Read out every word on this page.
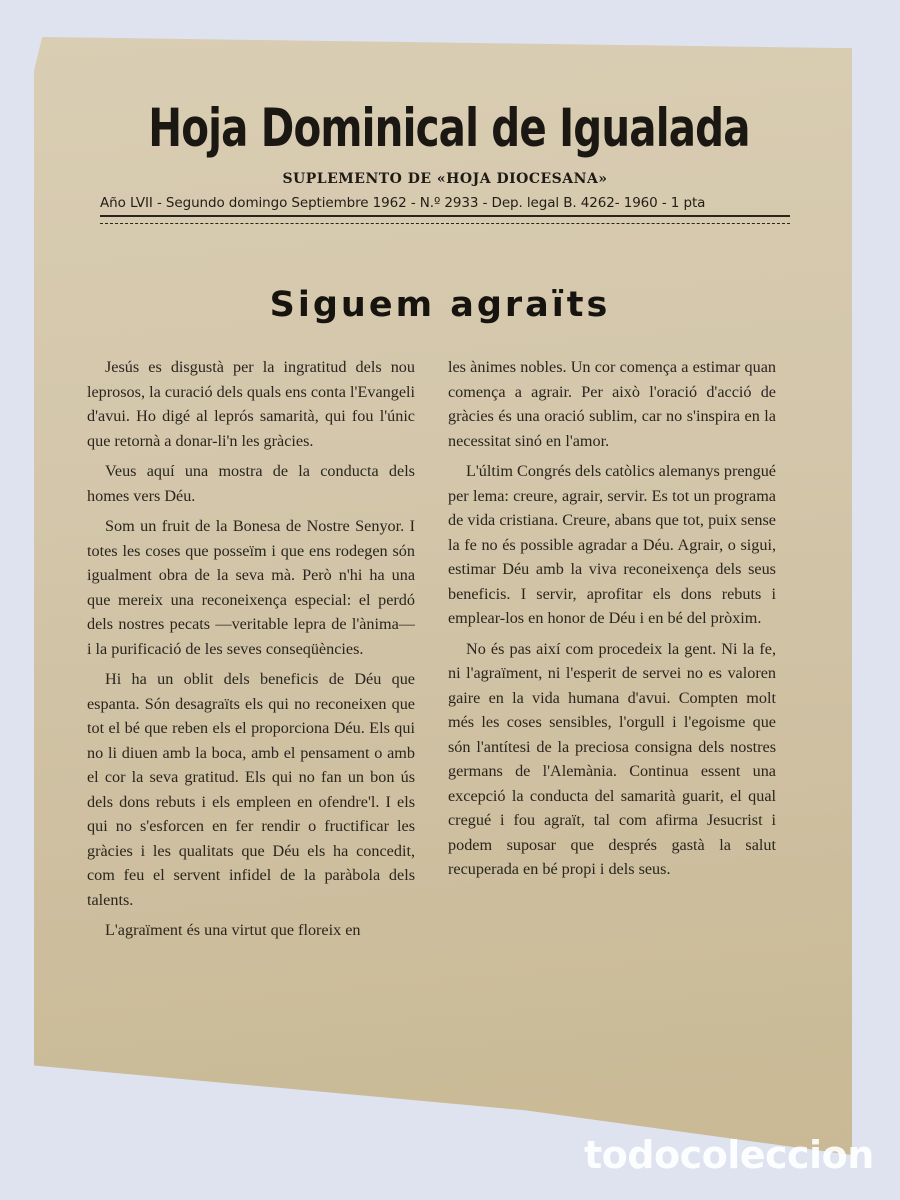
Hoja Dominical de Igualada
SUPLEMENTO DE «HOJA DIOCESANA»
Año LVII - Segundo domingo Septiembre 1962 - N.º 2933 - Dep. legal B. 4262- 1960 - 1 pta
Siguem agraïts

Jesús es disgustà per la ingratitud dels nou leprosos, la curació dels quals ens conta l'Evangeli d'avui. Ho digé al leprós samarità, qui fou l'únic que retornà a donar-li'n les gràcies.

Veus aquí una mostra de la conducta dels homes vers Déu.

Som un fruit de la Bonesa de Nostre Senyor. I totes les coses que posseïm i que ens rodegen són igualment obra de la seva mà. Però n'hi ha una que mereix una reconeixença especial: el perdó dels nostres pecats —veritable lepra de l'ànima— i la purificació de les seves conseqüències.

Hi ha un oblit dels beneficis de Déu que espanta. Són desagraïts els qui no reconeixen que tot el bé que reben els el proporciona Déu. Els qui no li diuen amb la boca, amb el pensament o amb el cor la seva gratitud. Els qui no fan un bon ús dels dons rebuts i els empleen en ofendre'l. I els qui no s'esforcen en fer rendir o fructificar les gràcies i les qualitats que Déu els ha concedit, com feu el servent infidel de la paràbola dels talents.

L'agraïment és una virtut que floreix en

les ànimes nobles. Un cor comença a estimar quan comença a agrair. Per això l'oració d'acció de gràcies és una oració sublim, car no s'inspira en la necessitat sinó en l'amor.

L'últim Congrés dels catòlics alemanys prengué per lema: creure, agrair, servir. Es tot un programa de vida cristiana. Creure, abans que tot, puix sense la fe no és possible agradar a Déu. Agrair, o sigui, estimar Déu amb la viva reconeixença dels seus beneficis. I servir, aprofitar els dons rebuts i emplear-los en honor de Déu i en bé del pròxim.

No és pas així com procedeix la gent. Ni la fe, ni l'agraïment, ni l'esperit de servei no es valoren gaire en la vida humana d'avui. Compten molt més les coses sensibles, l'orgull i l'egoisme que són l'antítesi de la preciosa consigna dels nostres germans de l'Alemània. Continua essent una excepció la conducta del samarità guarit, el qual cregué i fou agraït, tal com afirma Jesucrist i podem suposar que després gastà la salut recuperada en bé propi i dels seus.

todocoleccion
